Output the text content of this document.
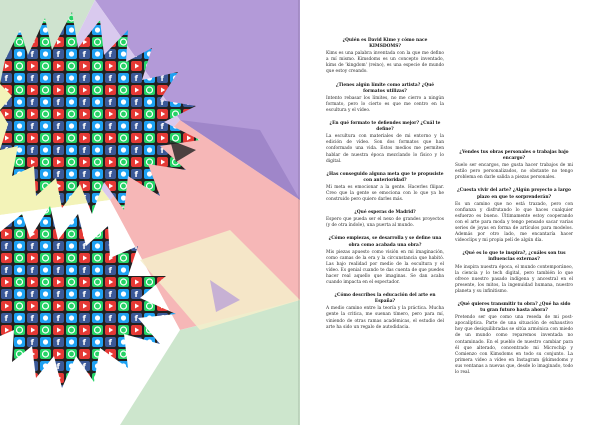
¿Quién es David Kime y cómo nace KIMSDOMS?

Kims es una palabra inventada con la que me defino a mí mismo. Kimsdoms es un concepto inventado, kims de 'kingdom' (reino), es una especie de mundo que estoy creando.

¿Tienes algún límite como artista? ¿Qué formatos utilizas?

Intento rebasar los límites, no me cierro a ningún formato, pero lo cierto es que me centro en la escultura y el vídeo.

¿En qué formato te defiendes mejor? ¿Cuál te define?

La escultura con materiales de mi entorno y la edición de vídeo. Son dos formatos que han conformado una vida. Estos medios me permiten hablar de nuestra época mezclando lo físico y lo digital.

¿Has conseguido alguna meta que te propusiste con anterioridad?

Mi meta es emocionar a la gente. Hacerles fliipar. Creo que la gente se emociona con lo que ya he construido pero quiero darles más.

¿Qué esperas de Madrid?

Espero que pueda ser el nexo de grandes proyectos (y de otra índole), una puerta al mundo.

¿Cómo empiezas, se desarrolla y se define una obra como acabada una obra?

Mis piezas apuesto como visión en mi imaginación, como camas de la era y la circunstancia que habitó. Las bajo realidad por medio de la escultura y el vídeo. Es genial cuando te das cuenta de que puedes hacer real aquello que imaginas. Se dan acaba cuando impacta en el espectador.

¿Cómo describes la educación del arte en España?

A medio camino entre la teoría y la práctica. Mucha gente la critica, me suenan tímero, pero para mí, viniendo de otras ramas académicas, el estudio del arte ha sido un regalo de autodidacia.

¿Vendes tus obras personales o trabajas bajo encargo?

Suelo ser encargos, me gusta hacer trabajos de mi estilo pero personalizados, no obstante no tengo problema en darle salida a piezas personales.

¿Cuesta vivir del arte? ¿Algún proyecto a largo plazo en que te sorprenderán?

Es un camino que no está trazado, pero con confianza y disfrutando lo que haces cualquier esfuerzo es bueno. Últimamente estoy cooperando con el arte para moda y tengo pensado sacar varias series de joyas en forma de artículos para modelos. Además por otro lado, me encantaría hacer videoclips y mi propia pelí de algún día.

¿Qué es lo que te inspira?, ¿cuáles son tus influencias externas?

Me inspira nuestra época, el mundo contemporáneo, la ciencia y lo tech digital, pero también lo que ofrece nuestro pasado indígena y ancestral en el presente, los mitos, la ingenuidad humana, nuestro planeta y su infinitismo.

¿Qué quieres transmitir tu obra? ¿Qué ha sido tu gran futuro hasta ahora?

Pretendo ser que como una reseda de mi post-apocalíptica. Parte de una situación de exhaustivo hoy que desiquilibradas se sitúa armónica con miedo de un mundo como reparemos inventada no contaminado. En el pueblo de nuestro cambiar para él que alterado, concentrado mi Microchip y Comienzo con Kimsdoms en todo su conjunto. La primera video a vídeo en Instagram @kimsdoms y sus ventanas a nuevas que, desde lo imaginado, todo lo real.
